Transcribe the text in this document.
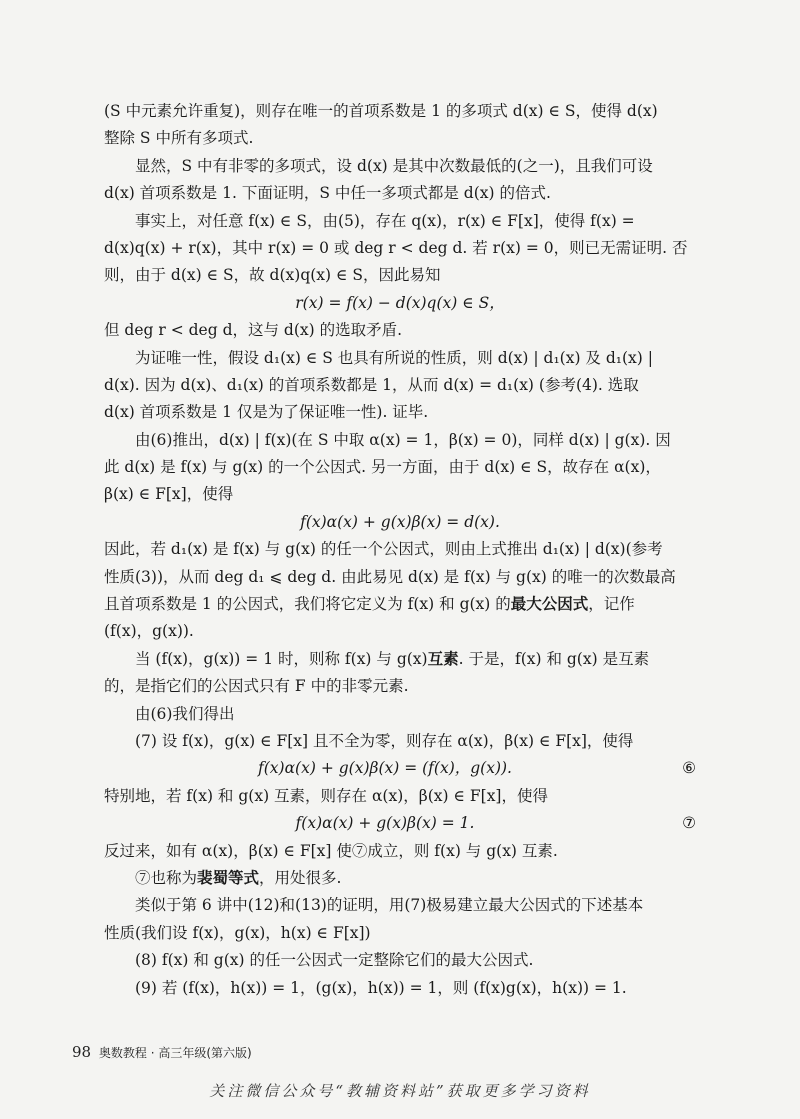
(S 中元素允许重复)，则存在唯一的首项系数是 1 的多项式 d(x) ∈ S，使得 d(x)
整除 S 中所有多项式.
显然，S 中有非零的多项式，设 d(x) 是其中次数最低的(之一)，且我们可设
d(x) 首项系数是 1. 下面证明，S 中任一多项式都是 d(x) 的倍式.
事实上，对任意 f(x) ∈ S，由(5)，存在 q(x)，r(x) ∈ F[x]，使得 f(x) =
d(x)q(x) + r(x)，其中 r(x) = 0 或 deg r < deg d. 若 r(x) = 0，则已无需证明. 否
则，由于 d(x) ∈ S，故 d(x)q(x) ∈ S，因此易知
r(x) = f(x) − d(x)q(x) ∈ S，
但 deg r < deg d，这与 d(x) 的选取矛盾.
为证唯一性，假设 d₁(x) ∈ S 也具有所说的性质，则 d(x) | d₁(x) 及 d₁(x) |
d(x). 因为 d(x)、d₁(x) 的首项系数都是 1，从而 d(x) = d₁(x) (参考(4). 选取
d(x) 首项系数是 1 仅是为了保证唯一性). 证毕.
由(6)推出，d(x) | f(x)(在 S 中取 α(x) = 1，β(x) = 0)，同样 d(x) | g(x). 因
此 d(x) 是 f(x) 与 g(x) 的一个公因式. 另一方面，由于 d(x) ∈ S，故存在 α(x)，
β(x) ∈ F[x]，使得
f(x)α(x) + g(x)β(x) = d(x).
因此，若 d₁(x) 是 f(x) 与 g(x) 的任一个公因式，则由上式推出 d₁(x) | d(x)(参考
性质(3))，从而 deg d₁ ⩽ deg d. 由此易见 d(x) 是 f(x) 与 g(x) 的唯一的次数最高
且首项系数是 1 的公因式，我们将它定义为 f(x) 和 g(x) 的最大公因式，记作
(f(x)，g(x)).
当 (f(x)，g(x)) = 1 时，则称 f(x) 与 g(x)互素. 于是，f(x) 和 g(x) 是互素
的，是指它们的公因式只有 F 中的非零元素.
由(6)我们得出
(7) 设 f(x)，g(x) ∈ F[x] 且不全为零，则存在 α(x)，β(x) ∈ F[x]，使得
f(x)α(x) + g(x)β(x) = (f(x)，g(x)).	⑥
特别地，若 f(x) 和 g(x) 互素，则存在 α(x)，β(x) ∈ F[x]，使得
f(x)α(x) + g(x)β(x) = 1.	⑦
反过来，如有 α(x)，β(x) ∈ F[x] 使⑦成立，则 f(x) 与 g(x) 互素.
⑦也称为裴蜀等式，用处很多.
类似于第 6 讲中(12)和(13)的证明，用(7)极易建立最大公因式的下述基本
性质(我们设 f(x)，g(x)，h(x) ∈ F[x])
(8) f(x) 和 g(x) 的任一公因式一定整除它们的最大公因式.
(9) 若 (f(x)，h(x)) = 1，(g(x)，h(x)) = 1，则 (f(x)g(x)，h(x)) = 1.
98 奥数教程 · 高三年级(第六版)
关注微信公众号“教辅资料站”获取更多学习资料
